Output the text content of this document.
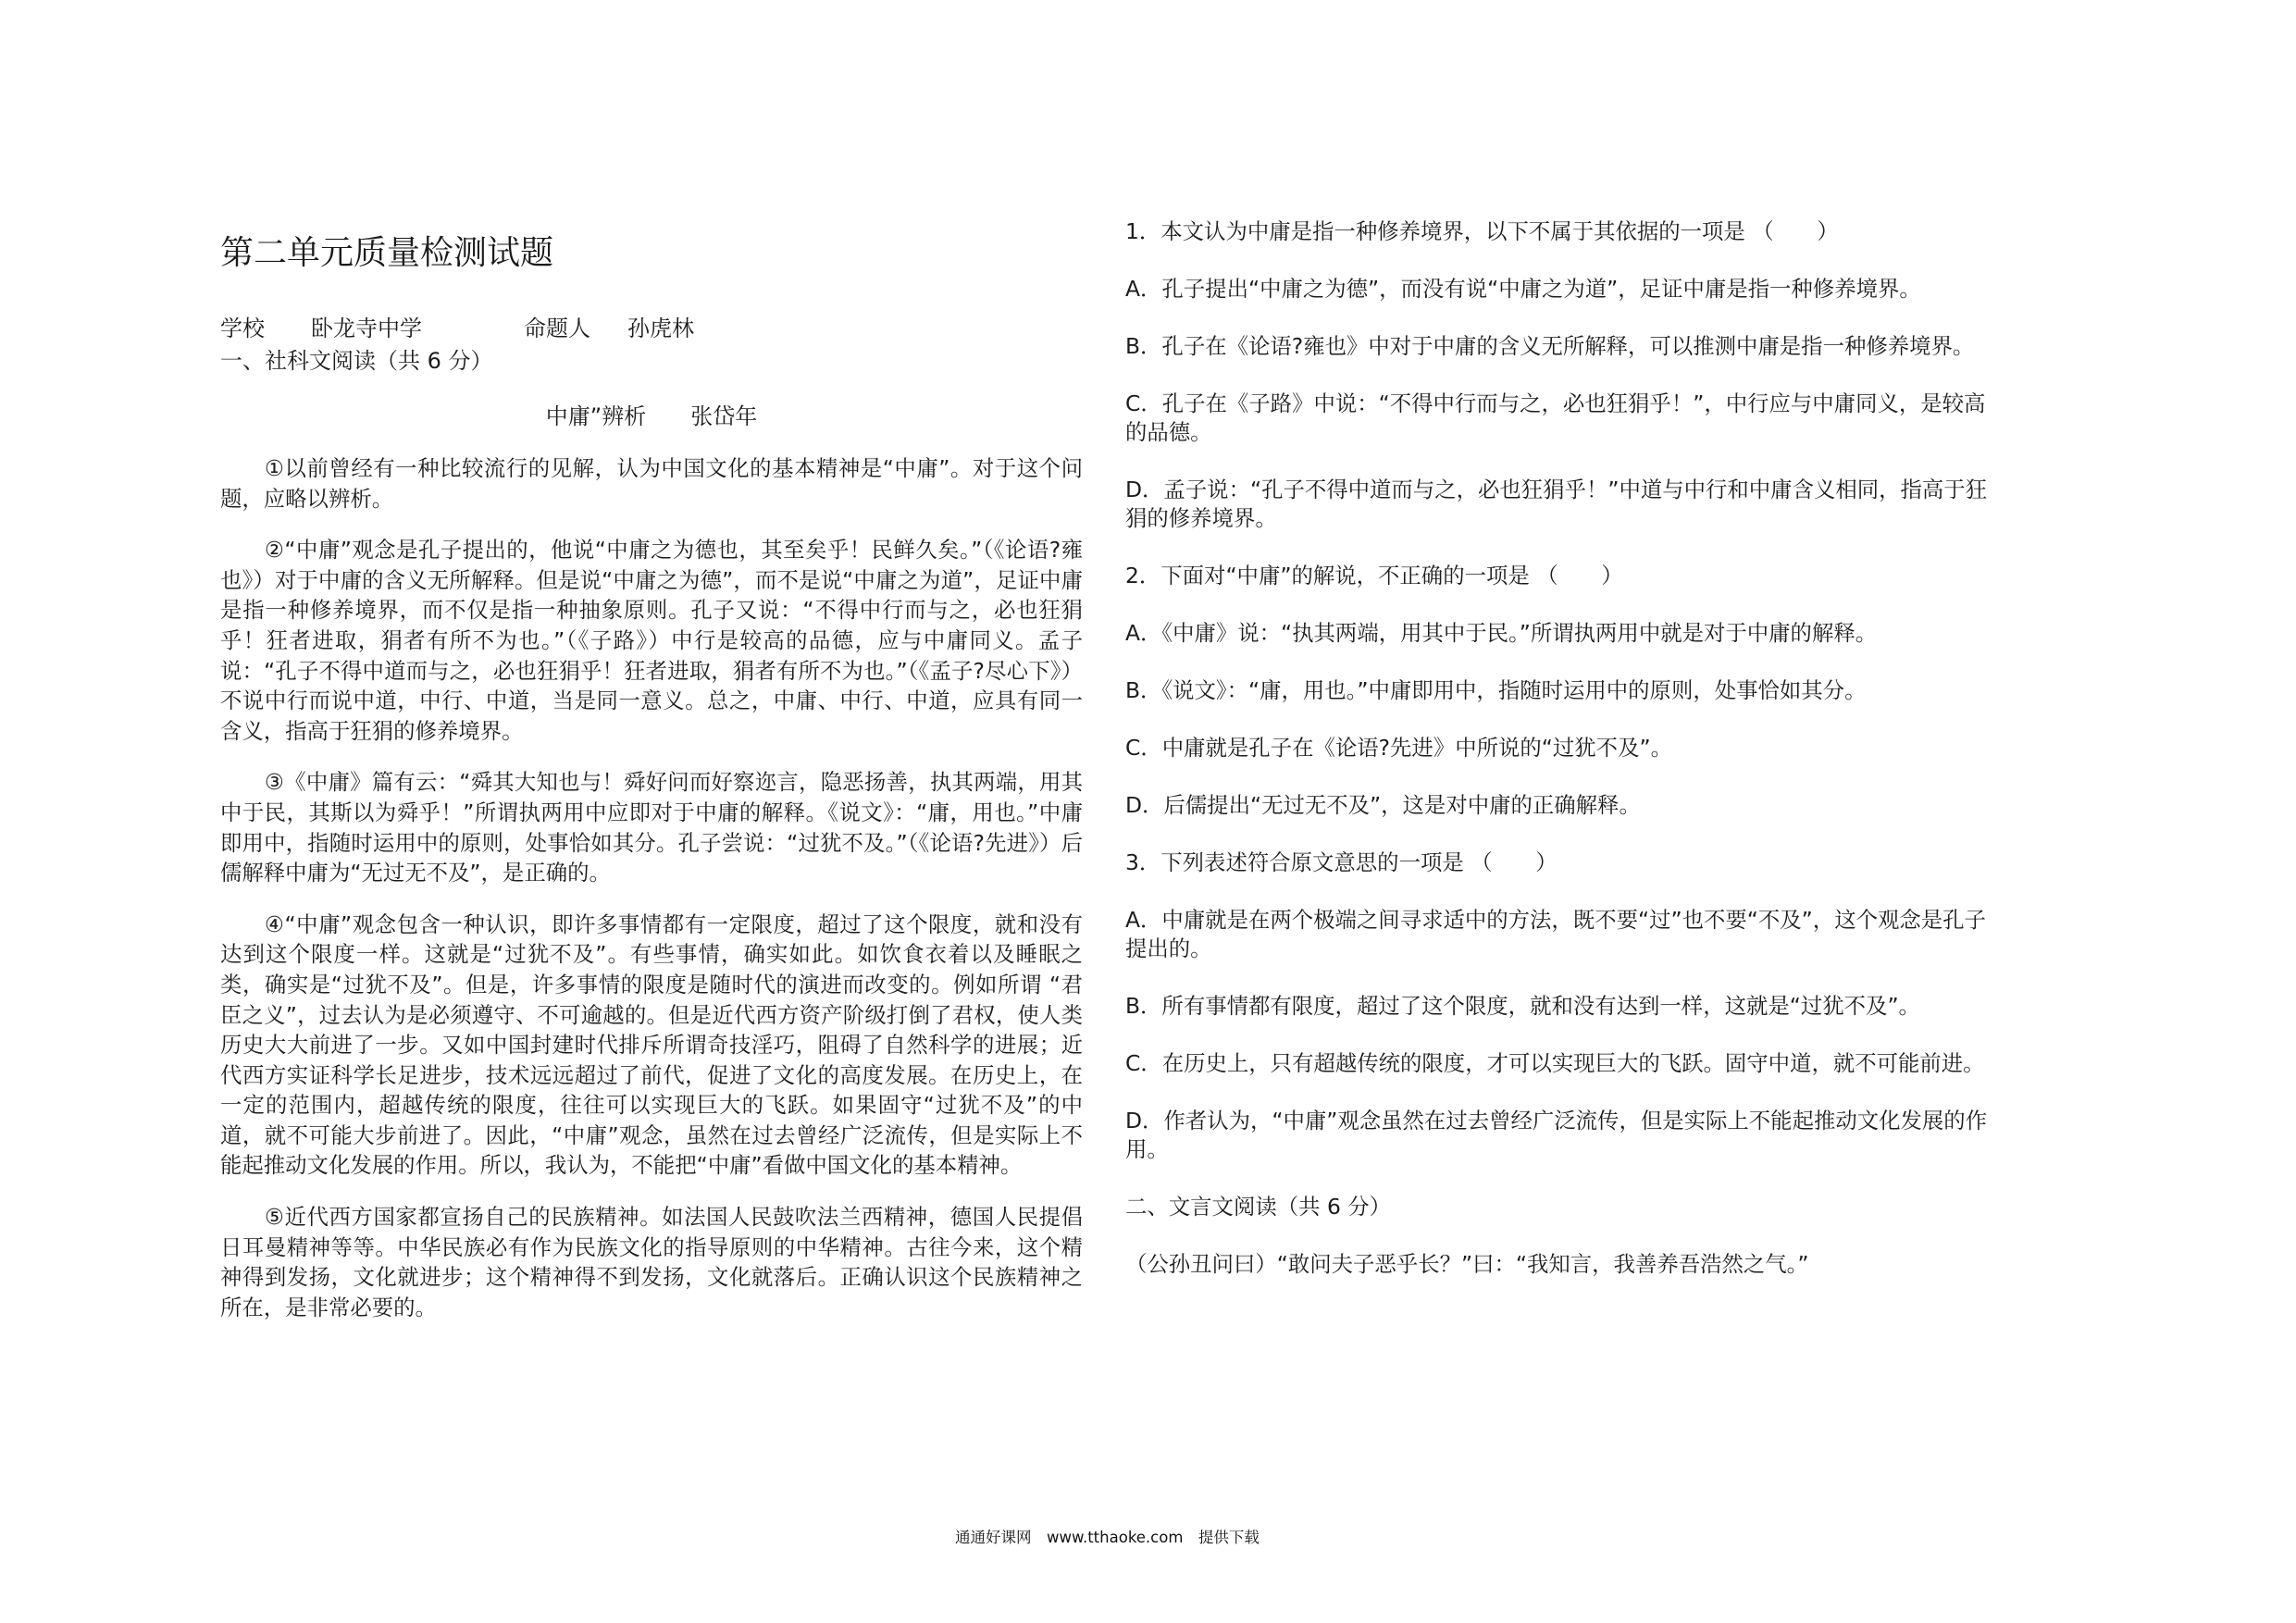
第二单元质量检测试题
学校 卧龙寺中学	命题人 孙虎林
一、社科文阅读（共 6 分）
中庸”辨析　　张岱年

①以前曾经有一种比较流行的见解，认为中国文化的基本精神是“中庸”。对于这个问题，应略以辨析。

②“中庸”观念是孔子提出的，他说“中庸之为德也，其至矣乎！民鲜久矣。”（《论语?雍也》）对于中庸的含义无所解释。但是说“中庸之为德”，而不是说“中庸之为道”，足证中庸是指一种修养境界，而不仅是指一种抽象原则。孔子又说：“不得中行而与之，必也狂狷乎！狂者进取，狷者有所不为也。”（《子路》）中行是较高的品德，应与中庸同义。孟子说：“孔子不得中道而与之，必也狂狷乎！狂者进取，狷者有所不为也。”（《孟子?尽心下》）不说中行而说中道，中行、中道，当是同一意义。总之，中庸、中行、中道，应具有同一含义，指高于狂狷的修养境界。

③《中庸》篇有云：“舜其大知也与！舜好问而好察迩言，隐恶扬善，执其两端，用其中于民，其斯以为舜乎！”所谓执两用中应即对于中庸的解释。《说文》：“庸，用也。”中庸即用中，指随时运用中的原则，处事恰如其分。孔子尝说：“过犹不及。”（《论语?先进》）后儒解释中庸为“无过无不及”，是正确的。

④“中庸”观念包含一种认识，即许多事情都有一定限度，超过了这个限度，就和没有达到这个限度一样。这就是“过犹不及”。有些事情，确实如此。如饮食衣着以及睡眠之类，确实是“过犹不及”。但是，许多事情的限度是随时代的演进而改变的。例如所谓 “君臣之义”，过去认为是必须遵守、不可逾越的。但是近代西方资产阶级打倒了君权，使人类历史大大前进了一步。又如中国封建时代排斥所谓奇技淫巧，阻碍了自然科学的进展；近代西方实证科学长足进步，技术远远超过了前代，促进了文化的高度发展。在历史上，在一定的范围内，超越传统的限度，往往可以实现巨大的飞跃。如果固守“过犹不及”的中道，就不可能大步前进了。因此，“中庸”观念，虽然在过去曾经广泛流传，但是实际上不能起推动文化发展的作用。所以，我认为，不能把“中庸”看做中国文化的基本精神。

⑤近代西方国家都宣扬自己的民族精神。如法国人民鼓吹法兰西精神，德国人民提倡日耳曼精神等等。中华民族必有作为民族文化的指导原则的中华精神。古往今来，这个精神得到发扬，文化就进步；这个精神得不到发扬，文化就落后。正确认识这个民族精神之所在，是非常必要的。

1．本文认为中庸是指一种修养境界，以下不属于其依据的一项是 （　　）
A．孔子提出“中庸之为德”，而没有说“中庸之为道”，足证中庸是指一种修养境界。
B．孔子在《论语?雍也》中对于中庸的含义无所解释，可以推测中庸是指一种修养境界。
C．孔子在《子路》中说：“不得中行而与之，必也狂狷乎！”，中行应与中庸同义，是较高的品德。
D．孟子说：“孔子不得中道而与之，必也狂狷乎！”中道与中行和中庸含义相同，指高于狂狷的修养境界。
2．下面对“中庸”的解说，不正确的一项是 （　　）
A．《中庸》说：“执其两端，用其中于民。”所谓执两用中就是对于中庸的解释。
B．《说文》：“庸，用也。”中庸即用中，指随时运用中的原则，处事恰如其分。
C．中庸就是孔子在《论语?先进》中所说的“过犹不及”。
D．后儒提出“无过无不及”，这是对中庸的正确解释。
3．下列表述符合原文意思的一项是 （　　）
A．中庸就是在两个极端之间寻求适中的方法，既不要“过”也不要“不及”，这个观念是孔子提出的。
B．所有事情都有限度，超过了这个限度，就和没有达到一样，这就是“过犹不及”。
C．在历史上，只有超越传统的限度，才可以实现巨大的飞跃。固守中道，就不可能前进。
D．作者认为，“中庸”观念虽然在过去曾经广泛流传，但是实际上不能起推动文化发展的作用。
二、文言文阅读（共 6 分）
（公孙丑问曰）“敢问夫子恶乎长？”曰：“我知言，我善养吾浩然之气。”
通通好课网　www.tthaoke.com　提供下载
